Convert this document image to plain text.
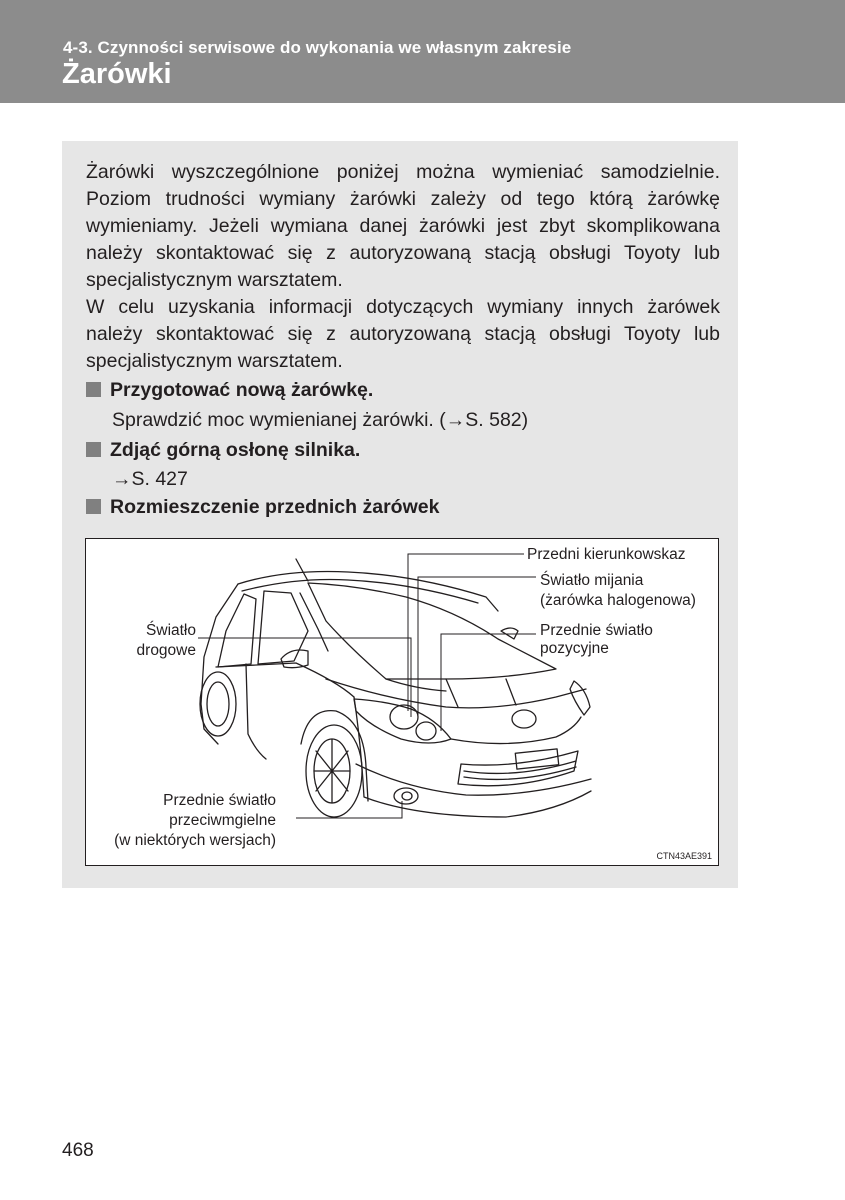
4-3. Czynności serwisowe do wykonania we własnym zakresie
Żarówki

Żarówki wyszczególnione poniżej można wymieniać samodzielnie. Poziom trudności wymiany żarówki zależy od tego którą żarówkę wymieniamy. Jeżeli wymiana danej żarówki jest zbyt skomplikowana należy skontaktować się z autoryzowaną stacją obsługi Toyoty lub specjalistycznym warsztatem.

W celu uzyskania informacji dotyczących wymiany innych żarówek należy skontaktować się z autoryzowaną stacją obsługi Toyoty lub specjalistycznym warsztatem.

Przygotować nową żarówkę.
Sprawdzić moc wymienianej żarówki. (→S. 582)
Zdjąć górną osłonę silnika.
→S. 427
Rozmieszczenie przednich żarówek
Przedni kierunkowskaz
Światło mijania
(żarówka halogenowa)
Przednie światło
pozycyjne
Światło
drogowe
Przednie światło
przeciwmgielne
(w niektórych wersjach)
CTN43AE391
468
